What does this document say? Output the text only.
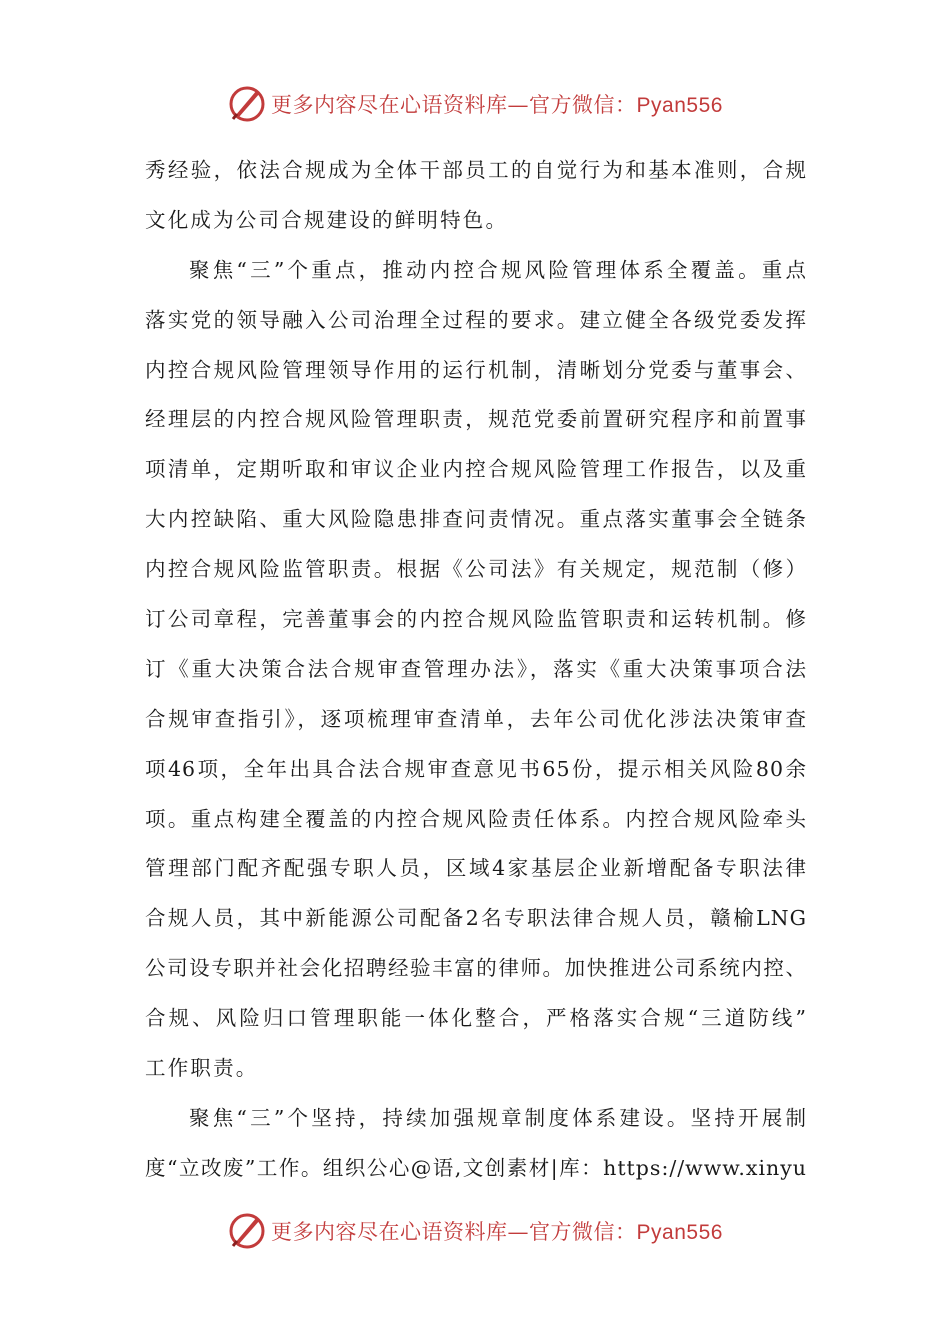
更多内容尽在心语资料库—官方微信：Pyan556
秀经验，依法合规成为全体干部员工的自觉行为和基本准则，合规
文化成为公司合规建设的鲜明特色。
聚焦“三”个重点，推动内控合规风险管理体系全覆盖。重点
落实党的领导融入公司治理全过程的要求。建立健全各级党委发挥
内控合规风险管理领导作用的运行机制，清晰划分党委与董事会、
经理层的内控合规风险管理职责，规范党委前置研究程序和前置事
项清单，定期听取和审议企业内控合规风险管理工作报告，以及重
大内控缺陷、重大风险隐患排查问责情况。重点落实董事会全链条
内控合规风险监管职责。根据《公司法》有关规定，规范制（修）
订公司章程，完善董事会的内控合规风险监管职责和运转机制。修
订《重大决策合法合规审查管理办法》，落实《重大决策事项合法
合规审查指引》，逐项梳理审查清单，去年公司优化涉法决策审查
项46项，全年出具合法合规审查意见书65份，提示相关风险80余
项。重点构建全覆盖的内控合规风险责任体系。内控合规风险牵头
管理部门配齐配强专职人员，区域4家基层企业新增配备专职法律
合规人员，其中新能源公司配备2名专职法律合规人员，赣榆LNG
公司设专职并社会化招聘经验丰富的律师。加快推进公司系统内控、
合规、风险归口管理职能一体化整合，严格落实合规“三道防线”
工作职责。
聚焦“三”个坚持，持续加强规章制度体系建设。坚持开展制
度“立改废”工作。组织公心@语,文创素材|库：https://www.xinyu
更多内容尽在心语资料库—官方微信：Pyan556
